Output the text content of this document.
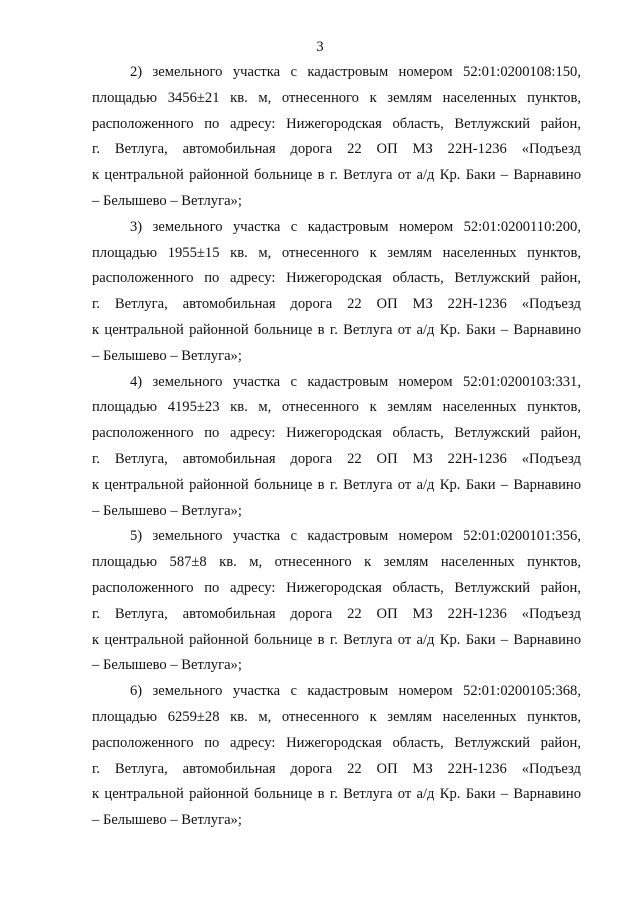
3
2) земельного участка с кадастровым номером 52:01:0200108:150,
площадью 3456±21 кв. м, отнесенного к землям населенных пунктов,
расположенного по адресу: Нижегородская область, Ветлужский район,
г. Ветлуга, автомобильная дорога 22 ОП МЗ 22Н-1236 «Подъезд
к центральной районной больнице в г. Ветлуга от а/д Кр. Баки – Варнавино
– Белышево – Ветлуга»;
3) земельного участка с кадастровым номером 52:01:0200110:200,
площадью 1955±15 кв. м, отнесенного к землям населенных пунктов,
расположенного по адресу: Нижегородская область, Ветлужский район,
г. Ветлуга, автомобильная дорога 22 ОП МЗ 22Н-1236 «Подъезд
к центральной районной больнице в г. Ветлуга от а/д Кр. Баки – Варнавино
– Белышево – Ветлуга»;
4) земельного участка с кадастровым номером 52:01:0200103:331,
площадью 4195±23 кв. м, отнесенного к землям населенных пунктов,
расположенного по адресу: Нижегородская область, Ветлужский район,
г. Ветлуга, автомобильная дорога 22 ОП МЗ 22Н-1236 «Подъезд
к центральной районной больнице в г. Ветлуга от а/д Кр. Баки – Варнавино
– Белышево – Ветлуга»;
5) земельного участка с кадастровым номером 52:01:0200101:356,
площадью 587±8 кв. м, отнесенного к землям населенных пунктов,
расположенного по адресу: Нижегородская область, Ветлужский район,
г. Ветлуга, автомобильная дорога 22 ОП МЗ 22Н-1236 «Подъезд
к центральной районной больнице в г. Ветлуга от а/д Кр. Баки – Варнавино
– Белышево – Ветлуга»;
6) земельного участка с кадастровым номером 52:01:0200105:368,
площадью 6259±28 кв. м, отнесенного к землям населенных пунктов,
расположенного по адресу: Нижегородская область, Ветлужский район,
г. Ветлуга, автомобильная дорога 22 ОП МЗ 22Н-1236 «Подъезд
к центральной районной больнице в г. Ветлуга от а/д Кр. Баки – Варнавино
– Белышево – Ветлуга»;
